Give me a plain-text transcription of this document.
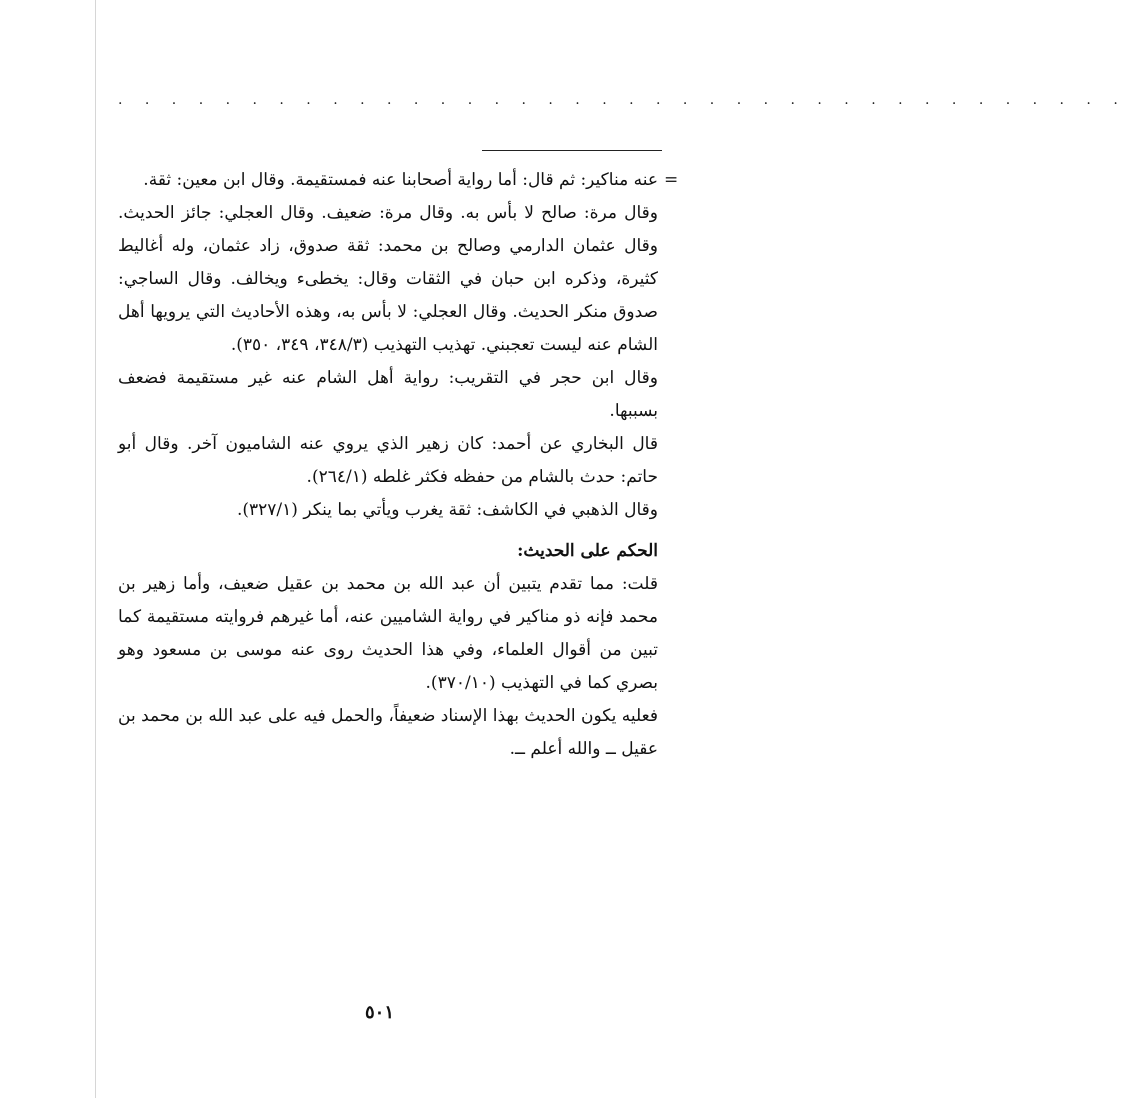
. . . . . . . . . . . . . . . . . . . . . . . . . . . . . . . . . . . . . .
=

عنه مناكير: ثم قال: أما رواية أصحابنا عنه فمستقيمة. وقال ابن معين: ثقة.

وقال مرة: صالح لا بأس به. وقال مرة: ضعيف. وقال العجلي: جائز الحديث. وقال عثمان الدارمي وصالح بن محمد: ثقة صدوق، زاد عثمان، وله أغاليط كثيرة، وذكره ابن حبان في الثقات وقال: يخطىء ويخالف. وقال الساجي: صدوق منكر الحديث. وقال العجلي: لا بأس به، وهذه الأحاديث التي يرويها أهل الشام عنه ليست تعجبني. تهذيب التهذيب (٣٤٨/٣، ٣٤٩، ٣٥٠).

وقال ابن حجر في التقريب: رواية أهل الشام عنه غير مستقيمة فضعف بسببها.

قال البخاري عن أحمد: كان زهير الذي يروي عنه الشاميون آخر. وقال أبو حاتم: حدث بالشام من حفظه فكثر غلطه (٢٦٤/١).

وقال الذهبي في الكاشف: ثقة يغرب ويأتي بما ينكر (٣٢٧/١).

الحكم على الحديث:

قلت: مما تقدم يتبين أن عبد الله بن محمد بن عقيل ضعيف، وأما زهير بن محمد فإنه ذو مناكير في رواية الشاميين عنه، أما غيرهم فروايته مستقيمة كما تبين من أقوال العلماء، وفي هذا الحديث روى عنه موسى بن مسعود وهو بصري كما في التهذيب (٣٧٠/١٠).

فعليه يكون الحديث بهذا الإسناد ضعيفاً، والحمل فيه على عبد الله بن محمد بن عقيل ــ والله أعلم ــ.

٥٠١
